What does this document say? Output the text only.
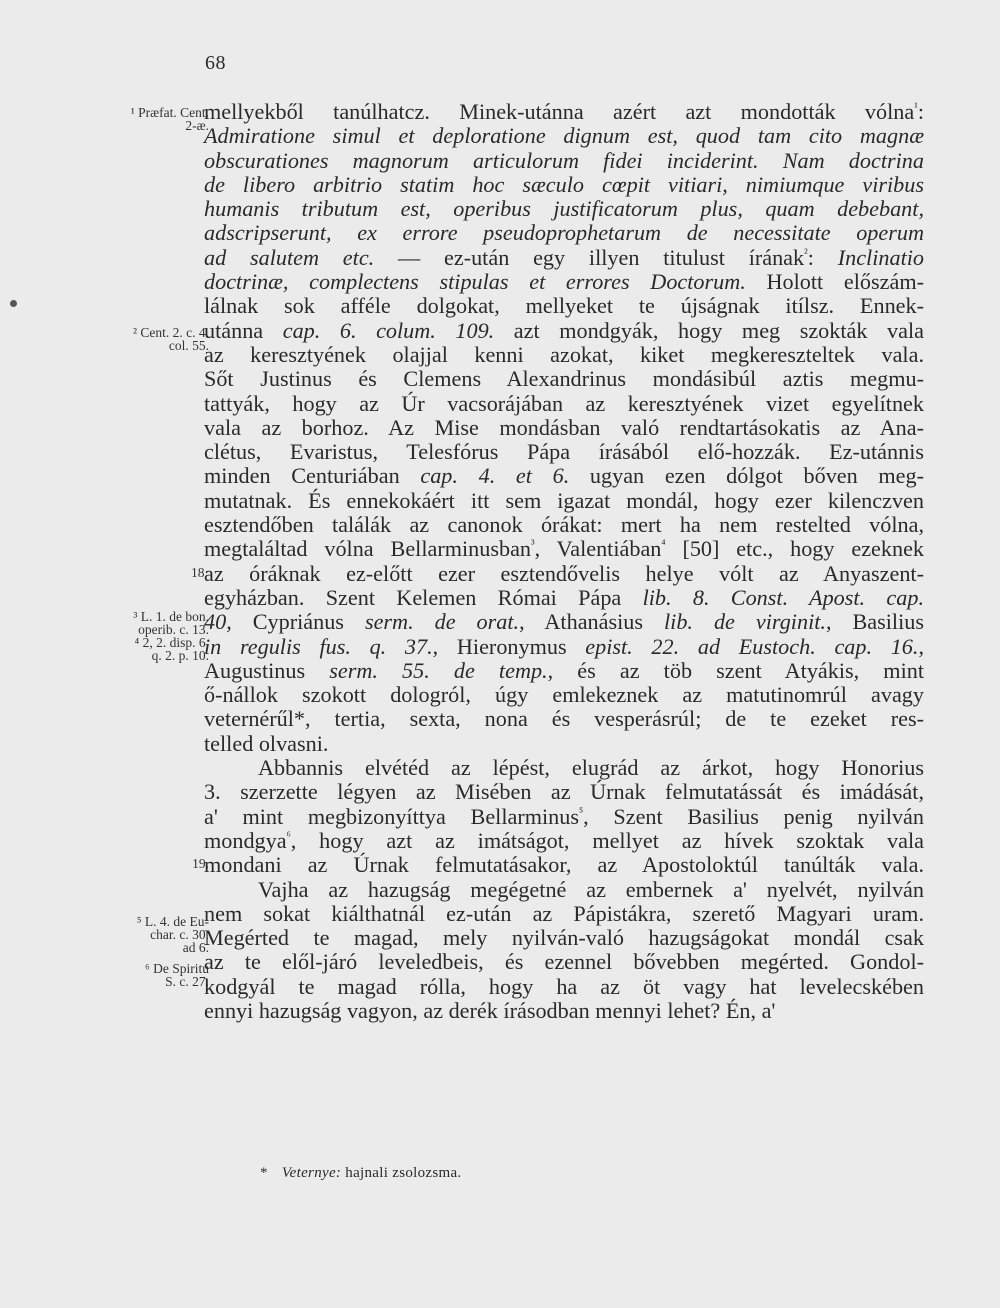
68
¹ Præfat. Cent.
2-æ.
² Cent. 2. c. 4.
col. 55.
18·
³ L. 1. de bon.
operib. c. 13.
⁴ 2, 2. disp. 6.
q. 2. p. 10.
19.
⁵ L. 4. de Eu-
char. c. 30.
ad 6.
⁶ De Spiritu
S. c. 27.
mellyekből tanúlhatcz. Minek-utánna azért azt mondották vólna$^{^1}$:
Admiratione simul et deploratione dignum est, quod tam cito magnæ
obscurationes magnorum articulorum fidei inciderint. Nam doctrina
de libero arbitrio statim hoc sæculo cœpit vitiari, nimiumque viribus
humanis tributum est, operibus justificatorum plus, quam debebant,
adscripserunt, ex errore pseudoprophetarum de necessitate operum
ad salutem etc. — ez-után egy illyen titulust írának$^{^2}$: Inclinatio
doctrinæ, complectens stipulas et errores Doctorum. Holott előszám-
lálnak sok afféle dolgokat, mellyeket te újságnak itílsz. Ennek-
utánna cap. 6. colum. 109. azt mondgyák, hogy meg szokták vala
az keresztyének olajjal kenni azokat, kiket megkereszteltek vala.
Sőt Justinus és Clemens Alexandrinus mondásibúl aztis megmu-
tattyák, hogy az Úr vacsorájában az keresztyének vizet egyelítnek
vala az borhoz. Az Mise mondásban való rendtartásokatis az Ana-
clétus, Evaristus, Telesfórus Pápa írásából elő-hozzák. Ez-utánnis
minden Centuriában cap. 4. et 6. ugyan ezen dólgot bőven meg-
mutatnak. És ennekokáért itt sem igazat mondál, hogy ezer kilenczven
esztendőben találák az canonok órákat: mert ha nem restelted vólna,
megtaláltad vólna Bellarminusban$^{^3}$, Valentiában$^{^4}$ [50] etc., hogy ezeknek
az óráknak ez-előtt ezer esztendővelis helye vólt az Anyaszent-
egyházban. Szent Kelemen Római Pápa lib. 8. Const. Apost. cap.
40, Cypriánus serm. de orat., Athanásius lib. de virginit., Basilius
in regulis fus. q. 37., Hieronymus epist. 22. ad Eustoch. cap. 16.,
Augustinus serm. 55. de temp., és az töb szent Atyákis, mint
ő-nállok szokott dologról, úgy emlekeznek az matutinomrúl avagy
veternérűl*, tertia, sexta, nona és vesperásrúl; de te ezeket res-
telled olvasni.
Abbannis elvétéd az lépést, elugrád az árkot, hogy Honorius
3. szerzette légyen az Misében az Úrnak felmutatássát és imádását,
a' mint megbizonyíttya Bellarminus$^{^5}$, Szent Basilius penig nyilván
mondgya$^{^6}$, hogy azt az imátságot, mellyet az hívek szoktak vala
mondani az Úrnak felmutatásakor, az Apostoloktúl tanúlták vala.
Vajha az hazugság megégetné az embernek a' nyelvét, nyilván
nem sokat kiálthatnál ez-után az Pápistákra, szerető Magyari uram.
Megérted te magad, mely nyilván-való hazugságokat mondál csak
az te elől-járó leveledbeis, és ezennel bővebben megérted. Gondol-
kodgyál te magad rólla, hogy ha az öt vagy hat levelecskében
ennyi hazugság vagyon, az derék írásodban mennyi lehet? Én, a'
* Veternye: hajnali zsolozsma.
